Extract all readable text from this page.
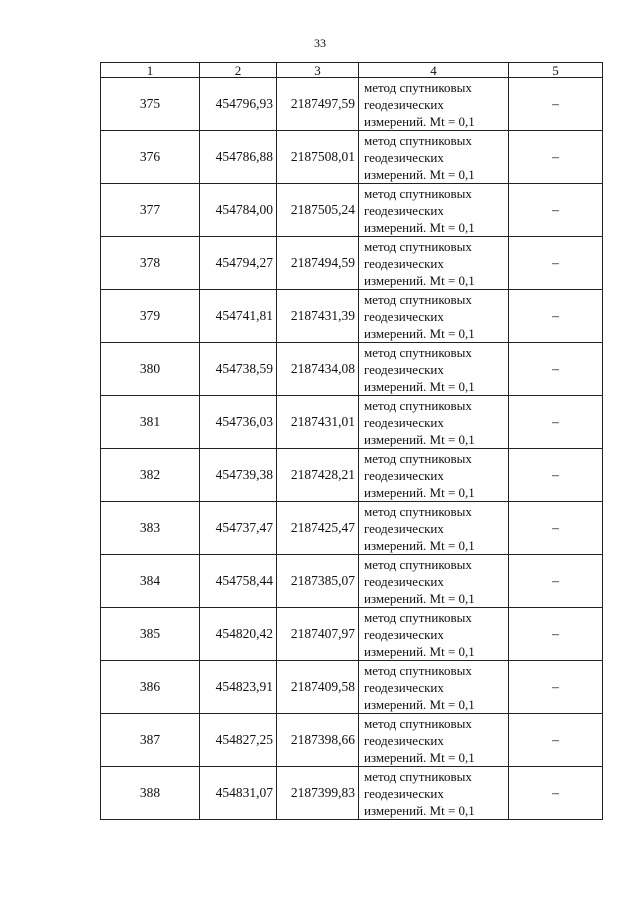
33
1	2	3	4	5
375	454796,93	2187497,59	метод спутниковых
геодезических
измерений. Mt = 0,1	–
376	454786,88	2187508,01	метод спутниковых
геодезических
измерений. Mt = 0,1	–
377	454784,00	2187505,24	метод спутниковых
геодезических
измерений. Mt = 0,1	–
378	454794,27	2187494,59	метод спутниковых
геодезических
измерений. Mt = 0,1	–
379	454741,81	2187431,39	метод спутниковых
геодезических
измерений. Mt = 0,1	–
380	454738,59	2187434,08	метод спутниковых
геодезических
измерений. Mt = 0,1	–
381	454736,03	2187431,01	метод спутниковых
геодезических
измерений. Mt = 0,1	–
382	454739,38	2187428,21	метод спутниковых
геодезических
измерений. Mt = 0,1	–
383	454737,47	2187425,47	метод спутниковых
геодезических
измерений. Mt = 0,1	–
384	454758,44	2187385,07	метод спутниковых
геодезических
измерений. Mt = 0,1	–
385	454820,42	2187407,97	метод спутниковых
геодезических
измерений. Mt = 0,1	–
386	454823,91	2187409,58	метод спутниковых
геодезических
измерений. Mt = 0,1	–
387	454827,25	2187398,66	метод спутниковых
геодезических
измерений. Mt = 0,1	–
388	454831,07	2187399,83	метод спутниковых
геодезических
измерений. Mt = 0,1	–
